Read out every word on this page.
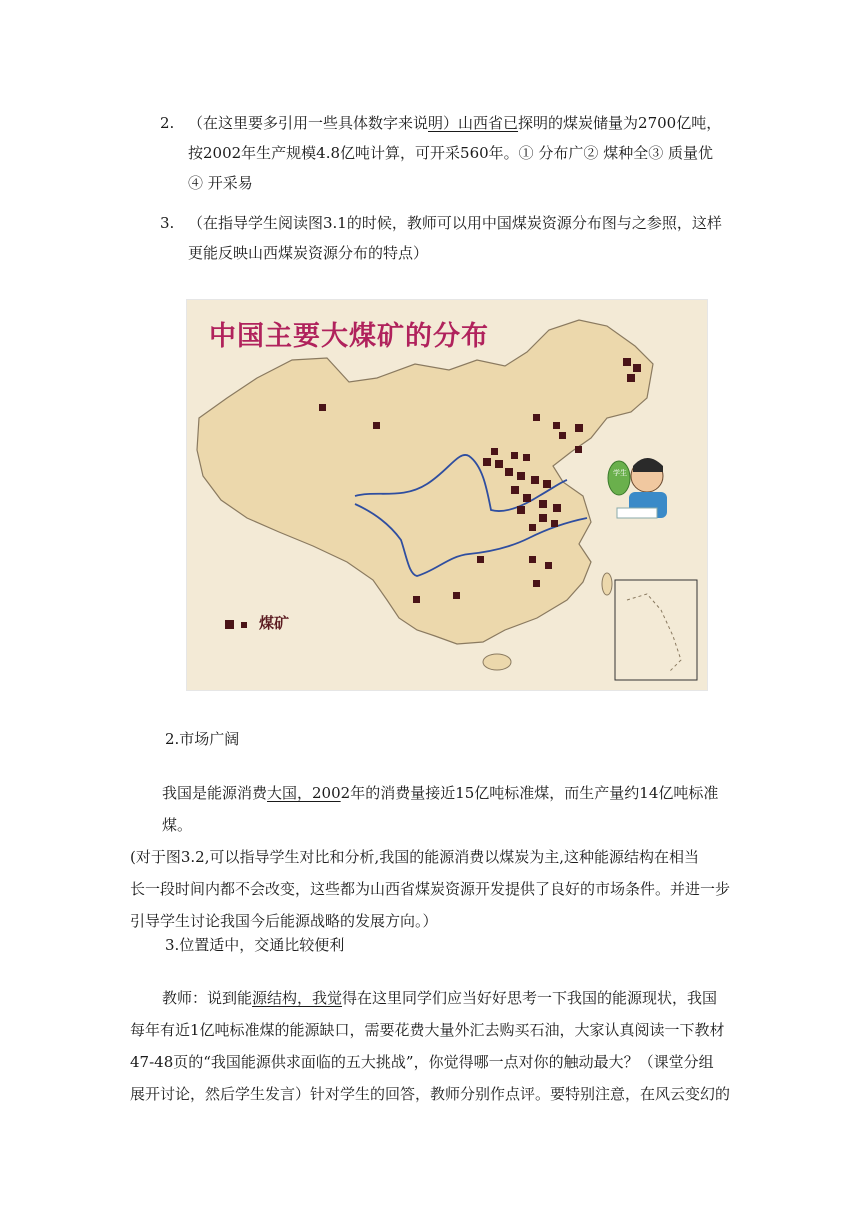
2. （在这里要多引用一些具体数字来说明）山西省已探明的煤炭储量为2700亿吨，
按2002年生产规模4.8亿吨计算，可开采560年。① 分布广② 煤种全③ 质量优
④ 开采易
3. （在指导学生阅读图3.1的时候，教师可以用中国煤炭资源分布图与之参照，这样
更能反映山西煤炭资源分布的特点）
学生
中国主要大煤矿的分布
煤矿
2.市场广阔
我国是能源消费大国，2002年的消费量接近15亿吨标准煤，而生产量约14亿吨标准煤。
(对于图3.2,可以指导学生对比和分析,我国的能源消费以煤炭为主,这种能源结构在相当
长一段时间内都不会改变，这些都为山西省煤炭资源开发提供了良好的市场条件。并进一步
引导学生讨论我国今后能源战略的发展方向。）
3.位置适中，交通比较便利
教师：说到能源结构，我觉得在这里同学们应当好好思考一下我国的能源现状，我国
每年有近1亿吨标准煤的能源缺口，需要花费大量外汇去购买石油，大家认真阅读一下教材
47-48页的“我国能源供求面临的五大挑战”，你觉得哪一点对你的触动最大？（课堂分组
展开讨论，然后学生发言）针对学生的回答，教师分别作点评。要特别注意，在风云变幻的
